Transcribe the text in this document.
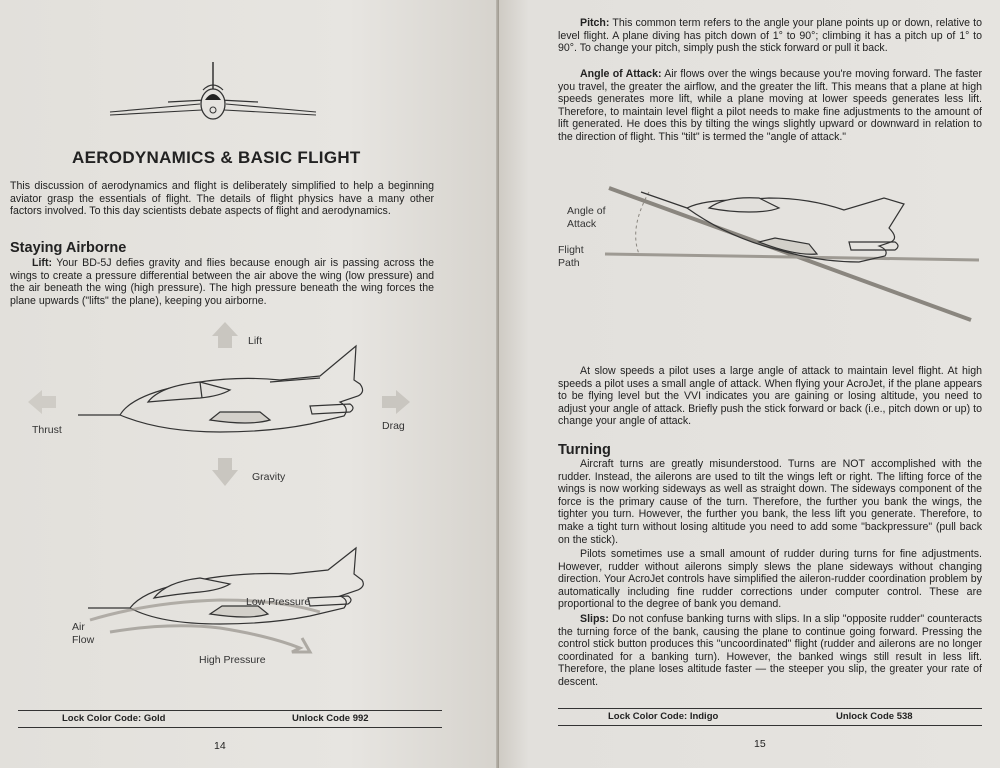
AERODYNAMICS & BASIC FLIGHT
This discussion of aerodynamics and flight is deliberately simplified to help a beginning aviator grasp the essentials of flight. The details of flight physics have a many other factors involved. To this day scientists debate aspects of flight and aerodynamics.
Staying Airborne
Lift: Your BD-5J defies gravity and flies because enough air is passing across the wings to create a pressure differential between the air above the wing (low pressure) and the air beneath the wing (high pressure). The high pressure beneath the wing forces the plane upwards ("lifts" the plane), keeping you airborne.
Lift
Thrust	Drag
Gravity
Low Pressure
Air
Flow
High Pressure
Lock Color Code: Gold	Unlock Code 992
14
Pitch: This common term refers to the angle your plane points up or down, relative to level flight. A plane diving has pitch down of 1° to 90°; climbing it has a pitch up of 1° to 90°. To change your pitch, simply push the stick forward or pull it back.
Angle of Attack: Air flows over the wings because you're moving forward. The faster you travel, the greater the airflow, and the greater the lift. This means that a plane at high speeds generates more lift, while a plane moving at lower speeds generates less lift. Therefore, to maintain level flight a pilot needs to make fine adjustments to the amount of lift generated. He does this by tilting the wings slightly upward or downward in relation to the direction of flight. This "tilt" is termed the "angle of attack."
Angle of
Attack
Flight
Path
At slow speeds a pilot uses a large angle of attack to maintain level flight. At high speeds a pilot uses a small angle of attack. When flying your AcroJet, if the plane appears to be flying level but the VVI indicates you are gaining or losing altitude, you need to adjust your angle of attack. Briefly push the stick forward or back (i.e., pitch down or up) to change your angle of attack.
Turning
Aircraft turns are greatly misunderstood. Turns are NOT accomplished with the rudder. Instead, the ailerons are used to tilt the wings left or right. The lifting force of the wings is now working sideways as well as straight down. The sideways component of the force is the primary cause of the turn. Therefore, the further you bank the wings, the tighter you turn. However, the further you bank, the less lift you generate. Therefore, to make a tight turn without losing altitude you need to add some "backpressure" (pull back on the stick).
Pilots sometimes use a small amount of rudder during turns for fine adjustments. However, rudder without ailerons simply slews the plane sideways without changing direction. Your AcroJet controls have simplified the aileron-rudder coordination problem by automatically including fine rudder corrections under computer control. These are proportional to the degree of bank you demand.
Slips: Do not confuse banking turns with slips. In a slip "opposite rudder" counteracts the turning force of the bank, causing the plane to continue going forward. Pressing the control stick button produces this "uncoordinated" flight (rudder and ailerons are no longer coordinated for a banking turn). However, the banked wings still result in less lift. Therefore, the plane loses altitude faster — the steeper you slip, the greater your rate of descent.
Lock Color Code: Indigo	Unlock Code 538
15
